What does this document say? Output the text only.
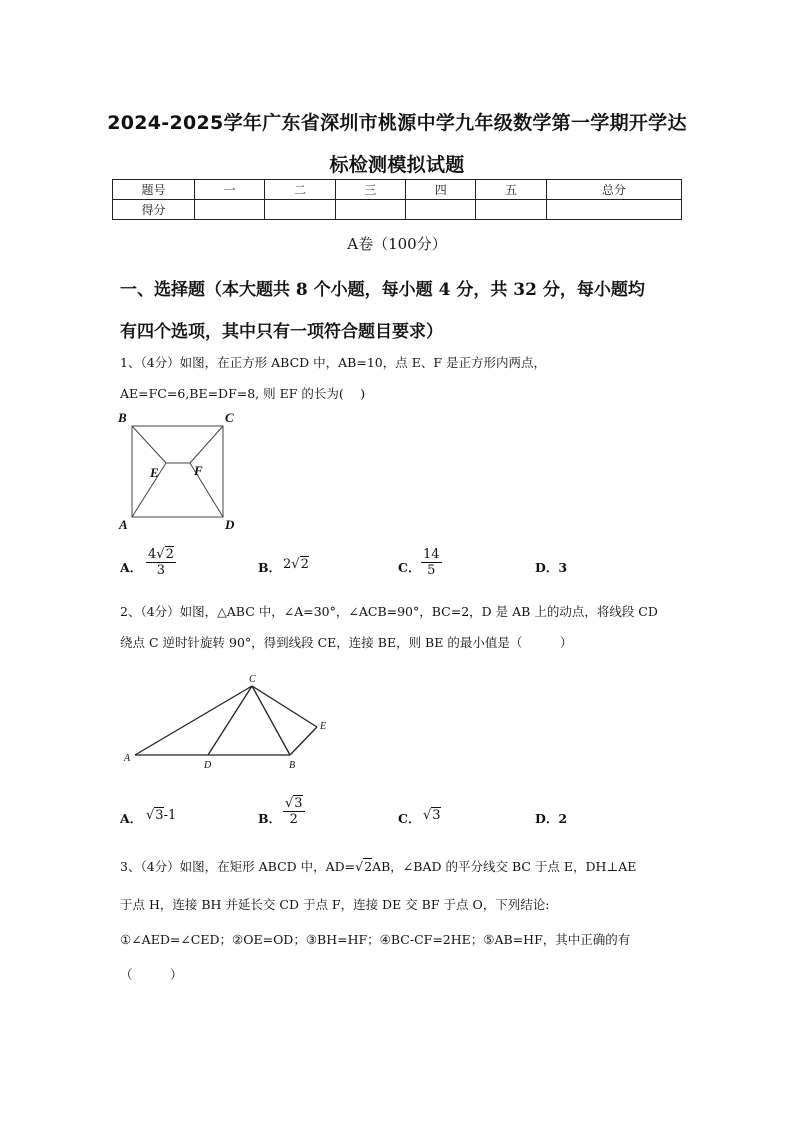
2024-2025学年广东省深圳市桃源中学九年级数学第一学期开学达
标检测模拟试题
题号	一	二	三	四	五	总分
得分						
A卷（100分）
一、选择题（本大题共 8 个小题，每小题 4 分，共 32 分，每小题均
有四个选项，其中只有一项符合题目要求）
1、（4分）如图，在正方形 ABCD 中，AB=10，点 E、F 是正方形内两点，
AE=FC=6,BE=DF=8, 则 EF 的长为(　 )
B	C
E	F
A	D
A． $\frac{4√2}{3}$	B． 2√2	C． $\frac{14}{5}$	D．3
2、（4分）如图，△ABC 中，∠A=30°，∠ACB=90°，BC=2，D 是 AB 上的动点，将线段 CD
绕点 C 逆时针旋转 90°，得到线段 CE，连接 BE，则 BE 的最小值是（　　　）
C
E
A
D	B
A． √3-1	B． $\frac{√3}{2}$	C． √3	D．2
3、（4分）如图，在矩形 ABCD 中，AD=√2AB，∠BAD 的平分线交 BC 于点 E，DH⊥AE
于点 H，连接 BH 并延长交 CD 于点 F，连接 DE 交 BF 于点 O，下列结论:
①∠AED=∠CED；②OE=OD；③BH=HF；④BC-CF=2HE；⑤AB=HF，其中正确的有
（　　　）
